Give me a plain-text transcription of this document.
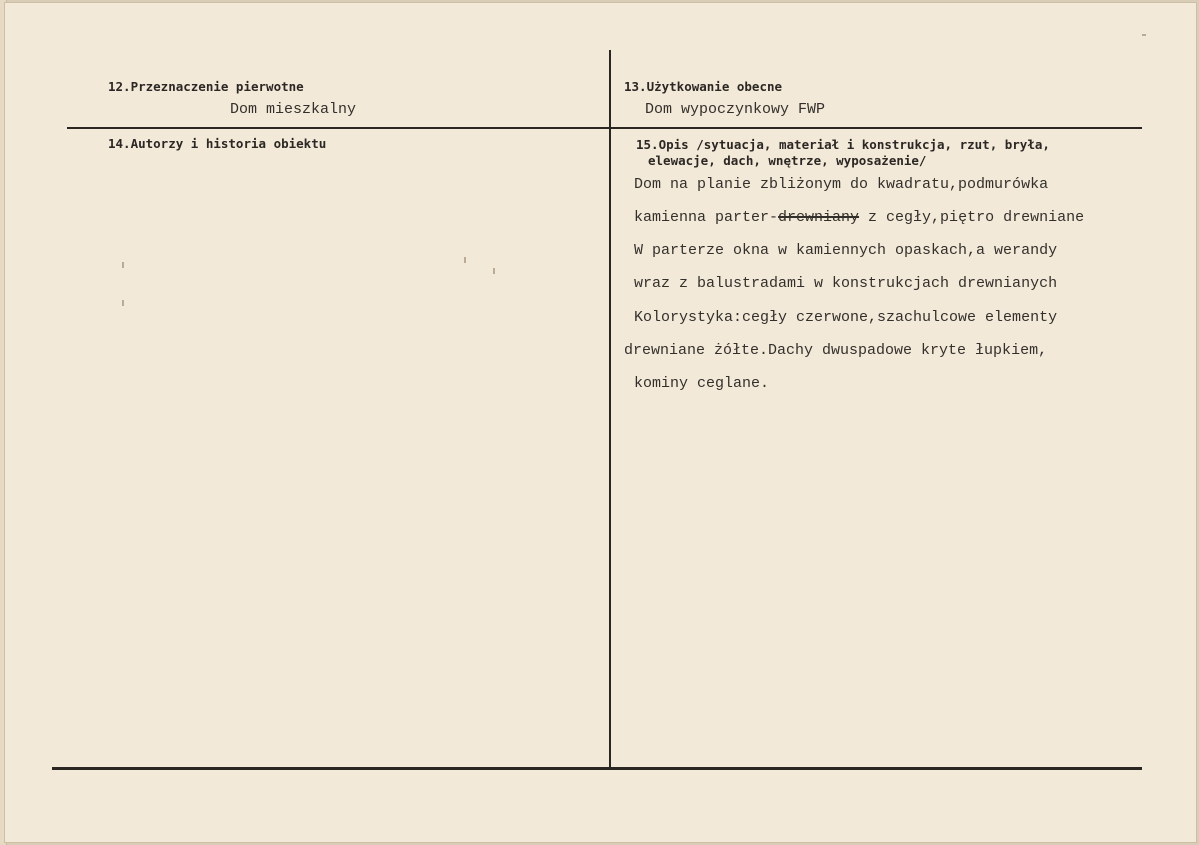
12.Przeznaczenie pierwotne
Dom mieszkalny
13.Użytkowanie obecne
Dom wypoczynkowy FWP
14.Autorzy i historia obiektu	15.Opis /sytuacja, materiał i konstrukcja, rzut, bryła,
elewacje, dach, wnętrze, wyposażenie/
Dom na planie zbliżonym do kwadratu,podmurówka
kamienna parter-drewniany z cegły,piętro drewniane
W parterze okna w kamiennych opaskach,a werandy
wraz z balustradami w konstrukcjach drewnianych
Kolorystyka:cegły czerwone,szachulcowe elementy
drewniane żółte.Dachy dwuspadowe kryte łupkiem,
kominy ceglane.
